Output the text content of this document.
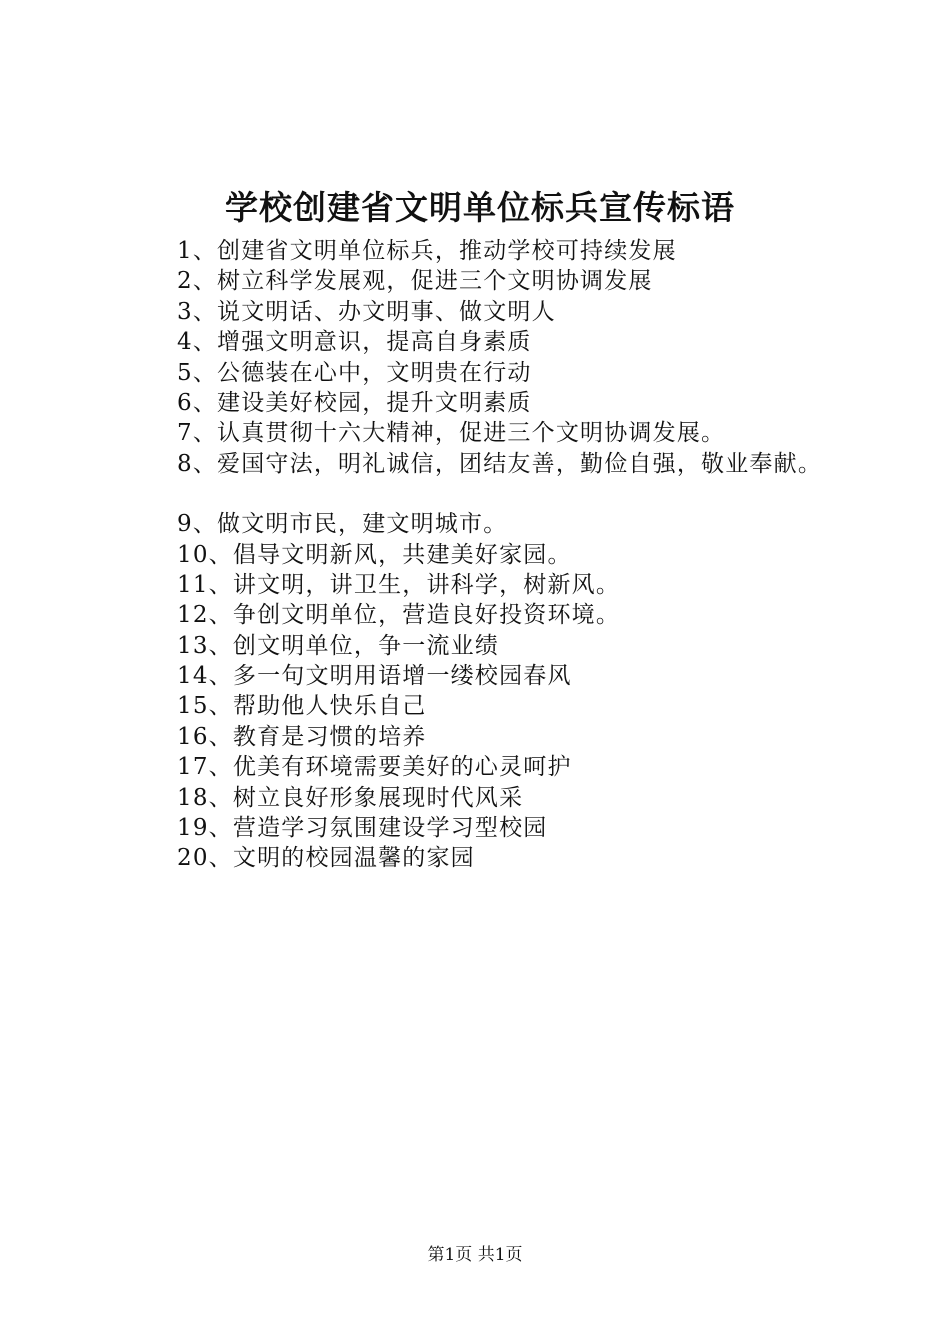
学校创建省文明单位标兵宣传标语
1、创建省文明单位标兵，推动学校可持续发展
2、树立科学发展观，促进三个文明协调发展
3、说文明话、办文明事、做文明人
4、增强文明意识，提高自身素质
5、公德装在心中，文明贵在行动
6、建设美好校园，提升文明素质
7、认真贯彻十六大精神，促进三个文明协调发展。
8、爱国守法，明礼诚信，团结友善，勤俭自强，敬业奉献。
9、做文明市民，建文明城市。
10、倡导文明新风，共建美好家园。
11、讲文明，讲卫生，讲科学，树新风。
12、争创文明单位，营造良好投资环境。
13、创文明单位，争一流业绩
14、多一句文明用语增一缕校园春风
15、帮助他人快乐自己
16、教育是习惯的培养
17、优美有环境需要美好的心灵呵护
18、树立良好形象展现时代风采
19、营造学习氛围建设学习型校园
20、文明的校园温馨的家园
第1页 共1页
